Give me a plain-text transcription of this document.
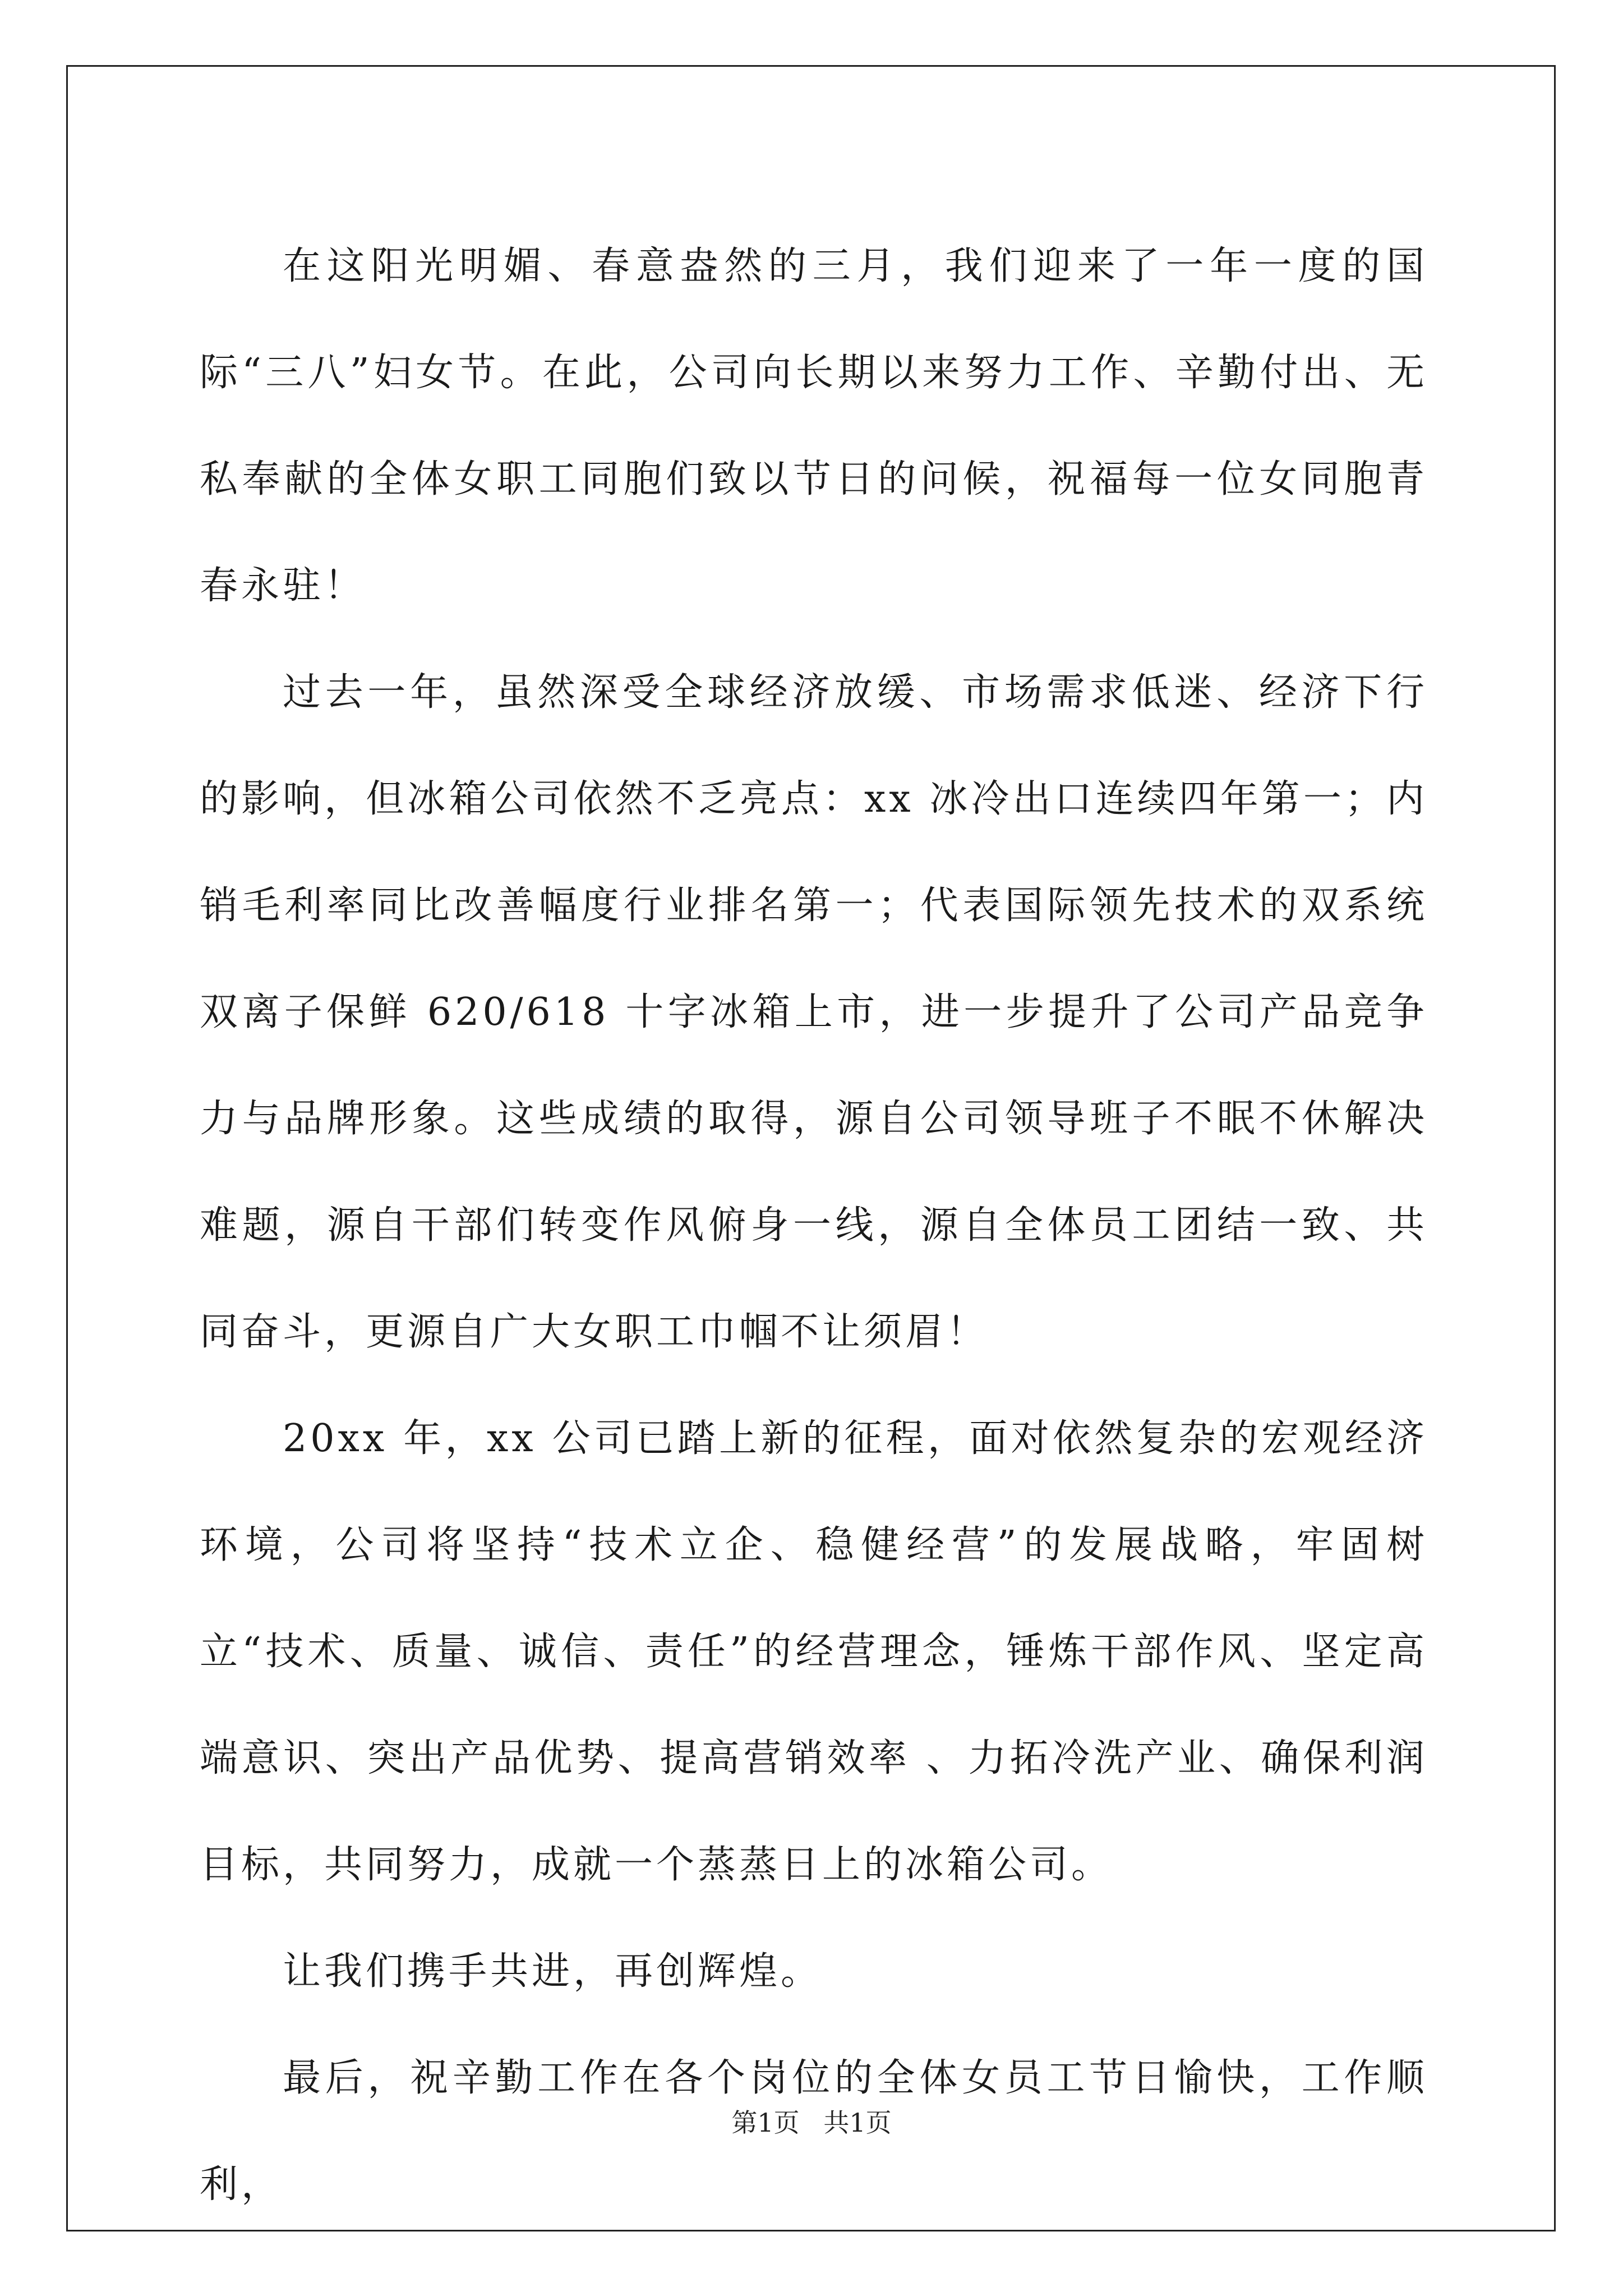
在这阳光明媚、春意盎然的三月，我们迎来了一年一度的国际“三八”妇女节。在此，公司向长期以来努力工作、辛勤付出、无私奉献的全体女职工同胞们致以节日的问候，祝福每一位女同胞青春永驻！

过去一年，虽然深受全球经济放缓、市场需求低迷、经济下行的影响，但冰箱公司依然不乏亮点：xx 冰冷出口连续四年第一；内销毛利率同比改善幅度行业排名第一；代表国际领先技术的双系统双离子保鲜 620/618 十字冰箱上市，进一步提升了公司产品竞争力与品牌形象。这些成绩的取得，源自公司领导班子不眠不休解决难题，源自干部们转变作风俯身一线，源自全体员工团结一致、共同奋斗，更源自广大女职工巾帼不让须眉！

20xx 年，xx 公司已踏上新的征程，面对依然复杂的宏观经济环境，公司将坚持“技术立企、稳健经营”的发展战略，牢固树立“技术、质量、诚信、责任”的经营理念，锤炼干部作风、坚定高端意识、突出产品优势、提高营销效率 、力拓冷洗产业、确保利润目标，共同努力，成就一个蒸蒸日上的冰箱公司。

让我们携手共进，再创辉煌。

最后，祝辛勤工作在各个岗位的全体女员工节日愉快，工作顺利，

第1页 共1页
